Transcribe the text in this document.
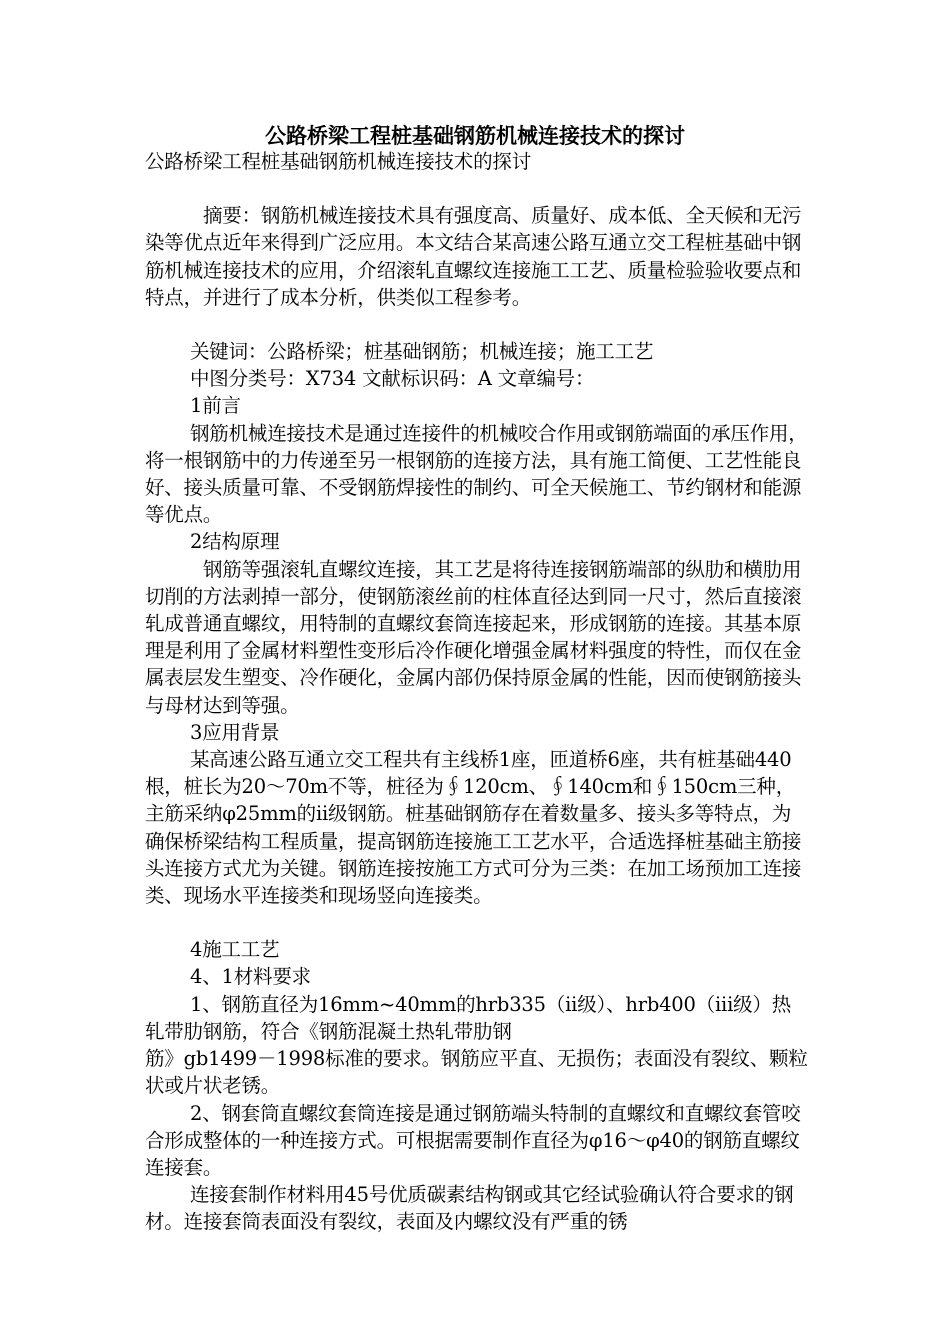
公路桥梁工程桩基础钢筋机械连接技术的探讨

公路桥梁工程桩基础钢筋机械连接技术的探讨

摘要：钢筋机械连接技术具有强度高、质量好、成本低、全天候和无污染等优点近年来得到广泛应用。本文结合某高速公路互通立交工程桩基础中钢筋机械连接技术的应用，介绍滚轧直螺纹连接施工工艺、质量检验验收要点和特点，并进行了成本分析，供类似工程参考。

关键词：公路桥梁；桩基础钢筋；机械连接；施工工艺

中图分类号：X734 文献标识码：A 文章编号：

1前言

钢筋机械连接技术是通过连接件的机械咬合作用或钢筋端面的承压作用，将一根钢筋中的力传递至另一根钢筋的连接方法，具有施工简便、工艺性能良好、接头质量可靠、不受钢筋焊接性的制约、可全天候施工、节约钢材和能源等优点。

2结构原理

钢筋等强滚轧直螺纹连接，其工艺是将待连接钢筋端部的纵肋和横肋用切削的方法剥掉一部分，使钢筋滚丝前的柱体直径达到同一尺寸，然后直接滚轧成普通直螺纹，用特制的直螺纹套筒连接起来，形成钢筋的连接。其基本原理是利用了金属材料塑性变形后冷作硬化增强金属材料强度的特性，而仅在金属表层发生塑变、冷作硬化，金属内部仍保持原金属的性能，因而使钢筋接头与母材达到等强。

3应用背景

某高速公路互通立交工程共有主线桥1座，匝道桥6座，共有桩基础440根，桩长为20～70m不等，桩径为∮120cm、∮140cm和∮150cm三种，主筋采纳φ25mm的ii级钢筋。桩基础钢筋存在着数量多、接头多等特点，为确保桥梁结构工程质量，提高钢筋连接施工工艺水平，合适选择桩基础主筋接头连接方式尤为关键。钢筋连接按施工方式可分为三类：在加工场预加工连接类、现场水平连接类和现场竖向连接类。

4施工工艺

4、1材料要求

1、钢筋直径为16mm~40mm的hrb335（ii级）、hrb400（iii级）热轧带肋钢筋，符合《钢筋混凝土热轧带肋钢

筋》gb1499－1998标准的要求。钢筋应平直、无损伤；表面没有裂纹、颗粒状或片状老锈。

2、钢套筒直螺纹套筒连接是通过钢筋端头特制的直螺纹和直螺纹套管咬合形成整体的一种连接方式。可根据需要制作直径为φ16～φ40的钢筋直螺纹连接套。

连接套制作材料用45号优质碳素结构钢或其它经试验确认符合要求的钢材。连接套筒表面没有裂纹，表面及内螺纹没有严重的锈
